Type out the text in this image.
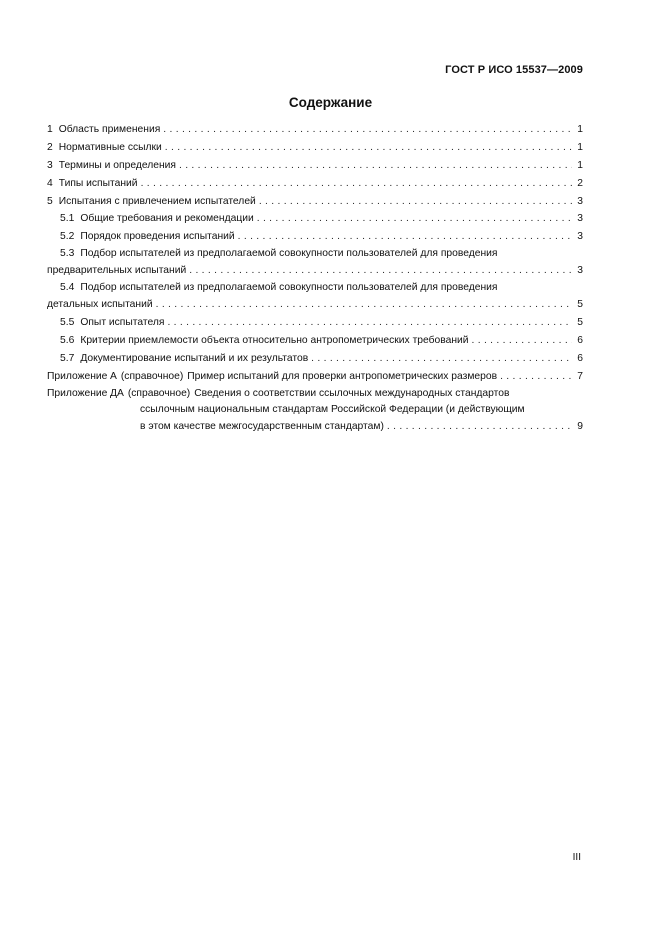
ГОСТ Р ИСО 15537—2009
Содержание
1 Область применения . . .	1
2 Нормативные ссылки . . .	1
3 Термины и определения . . .	1
4 Типы испытаний . . .	2
5 Испытания с привлечением испытателей . . .	3
5.1 Общие требования и рекомендации . . .	3
5.2 Порядок проведения испытаний . . .	3
5.3 Подбор испытателей из предполагаемой совокупности пользователей для проведения
предварительных испытаний . . .	3
5.4 Подбор испытателей из предполагаемой совокупности пользователей для проведения
детальных испытаний . . .	5
5.5 Опыт испытателя . . .	5
5.6 Критерии приемлемости объекта относительно антропометрических требований . . .	6
5.7 Документирование испытаний и их результатов . . .	6
Приложение А (справочное) Пример испытаний для проверки антропометрических размеров . . .	7
Приложение ДА (справочное) Сведения о соответствии ссылочных международных стандартов
ссылочным национальным стандартам Российской Федерации (и действующим
в этом качестве межгосударственным стандартам) . . .	9
III
